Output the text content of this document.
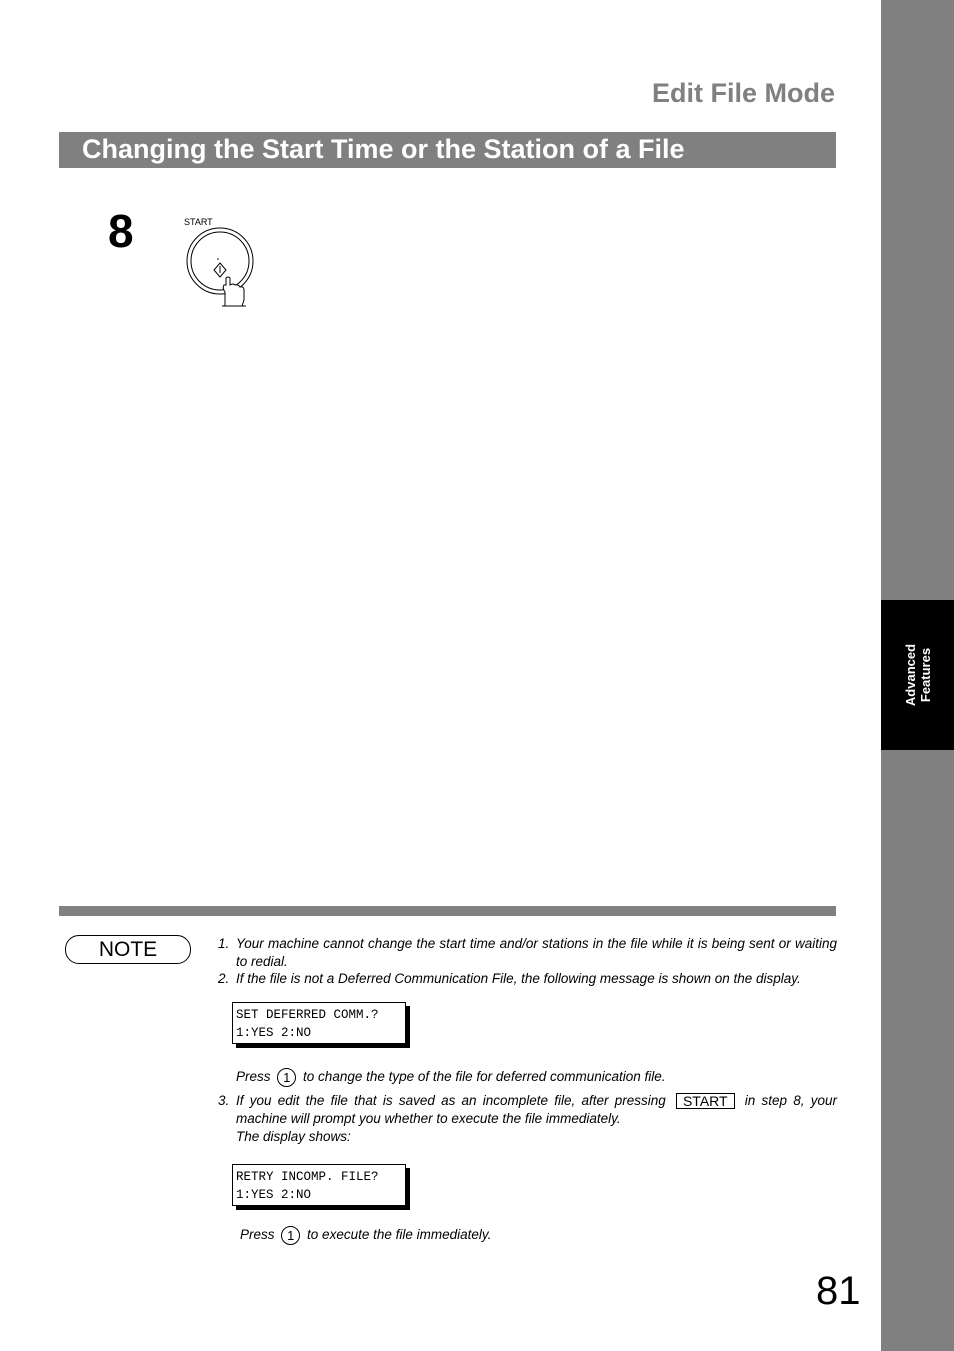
Advanced
Features
Edit File Mode
Changing the Start Time or the Station of a File
8	START
NOTE	1. Your machine cannot change the start time and/or stations in the file while it is being sent or waiting to redial.
2. If the file is not a Deferred Communication File, the following message is shown on the display.
SET DEFERRED COMM.?
1:YES 2:NO
Press 1 to change the type of the file for deferred communication file.
3. If you edit the file that is saved as an incomplete file, after pressing START in step 8, your machine will prompt you whether to execute the file immediately.
The display shows:
RETRY INCOMP. FILE?
1:YES 2:NO
Press 1 to execute the file immediately.
81
